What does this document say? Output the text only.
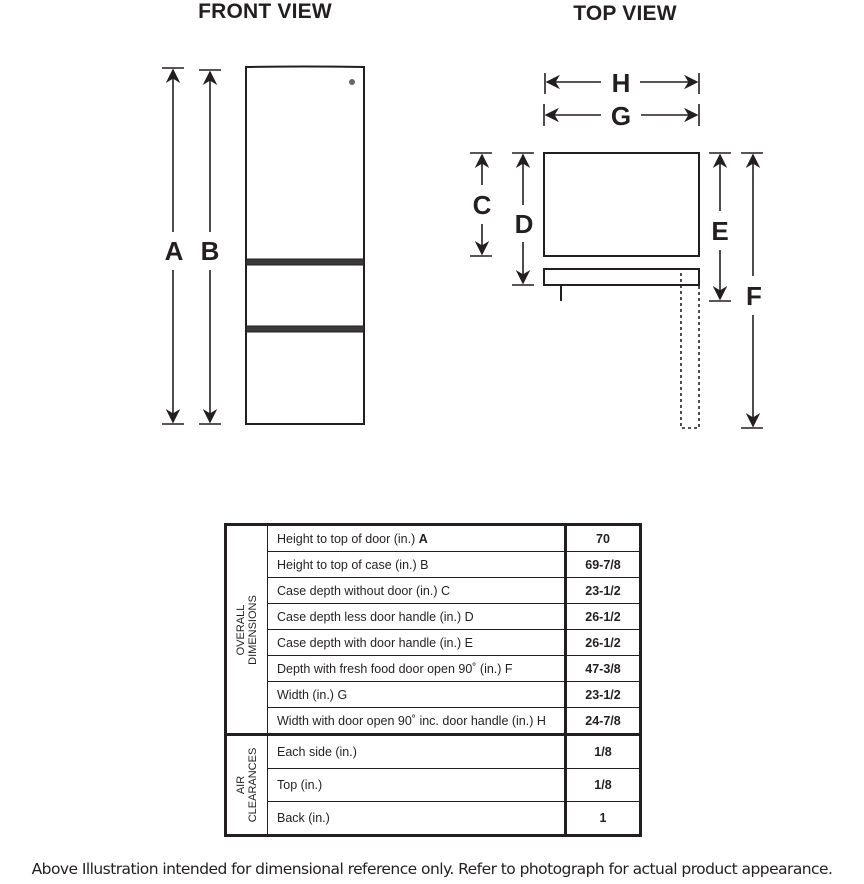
FRONT VIEW	TOP VIEW
A B
H
G
C
D	E
F
OVERALL DIMENSIONS	Height to top of door (in.) A	70
	Height to top of case (in.) B	69-7/8
	Case depth without door (in.) C	23-1/2
	Case depth less door handle (in.) D	26-1/2
	Case depth with door handle (in.) E	26-1/2
	Depth with fresh food door open 90˚ (in.) F	47-3/8
	Width (in.) G	23-1/2
	Width with door open 90˚ inc. door handle (in.) H	24-7/8

AIR CLEARANCES	Each side (in.)	1/8
	Top (in.)	1/8
	Back (in.)	1
Above Illustration intended for dimensional reference only. Refer to photograph for actual product appearance.
